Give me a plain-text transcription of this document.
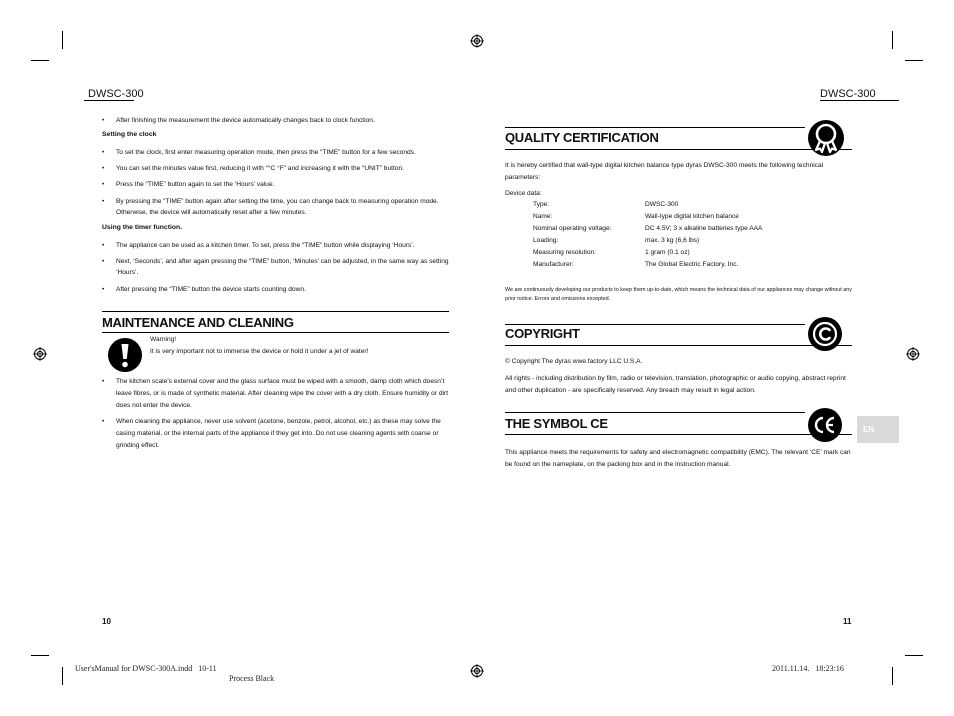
DWSC-300	DWSC-300
• After finishing the measurement the device automatically changes back to clock function.
Setting the clock
• To set the clock, first enter measuring operation mode, then press the “TIME” button for a few seconds.
• You can set the minutes value first, reducing it with “°C °F” and increasing it with the “UNIT” button.
• Press the “TIME” button again to set the ‘Hours’ value.
• By pressing the “TIME” button again after setting the time, you can change back to measuring operation mode. Otherwise, the device will automatically reset after a few minutes.
Using the timer function.
• The appliance can be used as a kitchen timer. To set, press the “TIME” button while displaying ‘Hours’.
• Next, ‘Seconds’, and after again pressing the “TIME” button, ‘Minutes’ can be adjusted, in the same way as setting ‘Hours’.
• After pressing the “TIME” button the device starts counting down.
MAINTENANCE AND CLEANING
Warning!
It is very important not to immerse the device or hold it under a jet of water!
• The kitchen scale’s external cover and the glass surface must be wiped with a smooth, damp cloth which doesn’t leave fibres, or is made of synthetic material. After cleaning wipe the cover with a dry cloth. Ensure humidity or dirt does not enter the device.
• When cleaning the appliance, never use solvent (acetone, benzole, petrol, alcohol, etc.) as these may solve the casing material, or the internal parts of the appliance if they get into. Do not use cleaning agents with coarse or grinding effect.
10
QUALITY CERTIFICATION
It is hereby certified that wall-type digital kitchen balance type dyras DWSC-300 meets the following technical parameters:
Device data:
Type:	DWSC-300
Name:	Wall-type digital kitchen balance
Nominal operating voltage:	DC 4.5V; 3 x alkaline batteries type AAA
Loading:	max. 3 kg (6,6 lbs)
Measuring resolution:	1 gram (0.1 oz)
Manufacturer:	The Global Electric Factory, Inc.
We are continuously developing our products to keep them up-to-date, which means the technical data of our appliances may change without any prior notice. Errors and omissions excepted.
COPYRIGHT
© Copyright The dyras wwe.factory LLC U.S.A.
All rights - including distribution by film, radio or television, translation, photographic or audio copying, abstract reprint and other duplication - are specifically reserved. Any breach may result in legal action.
THE SYMBOL CE
This appliance meets the requirements for safety and electromagnetic compatibility (EMC). The relevant ‘CE’ mark can be found on the nameplate, on the packing box and in the instruction manual.
EN
11
User'sManual for DWSC-300A.indd   10-11
Process Black
2011.11.14.   18:23:16
